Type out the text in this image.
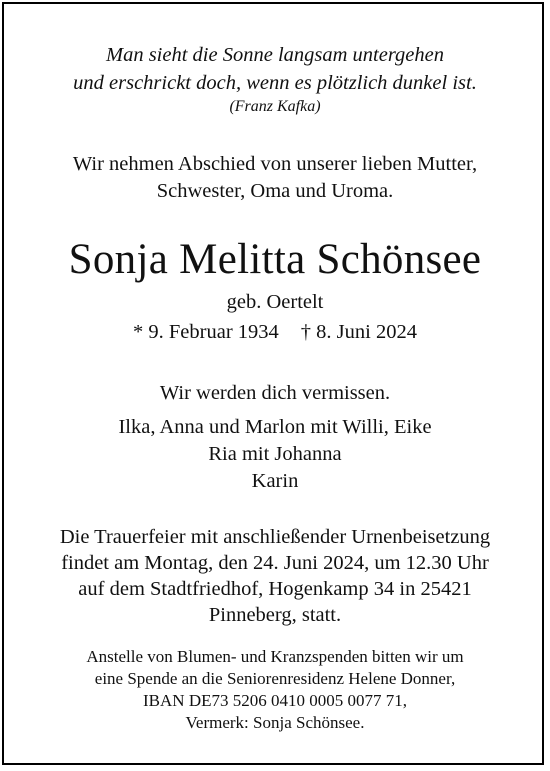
Man sieht die Sonne langsam untergehen
und erschrickt doch, wenn es plötzlich dunkel ist.
(Franz Kafka)
Wir nehmen Abschied von unserer lieben Mutter,
Schwester, Oma und Uroma.
Sonja Melitta Schönsee
geb. Oertelt
* 9. Februar 1934 † 8. Juni 2024
Wir werden dich vermissen.
Ilka, Anna und Marlon mit Willi, Eike
Ria mit Johanna
Karin
Die Trauerfeier mit anschließender Urnenbeisetzung
findet am Montag, den 24. Juni 2024, um 12.30 Uhr
auf dem Stadtfriedhof, Hogenkamp 34 in 25421
Pinneberg, statt.
Anstelle von Blumen- und Kranzspenden bitten wir um
eine Spende an die Seniorenresidenz Helene Donner,
IBAN DE73 5206 0410 0005 0077 71,
Vermerk: Sonja Schönsee.
